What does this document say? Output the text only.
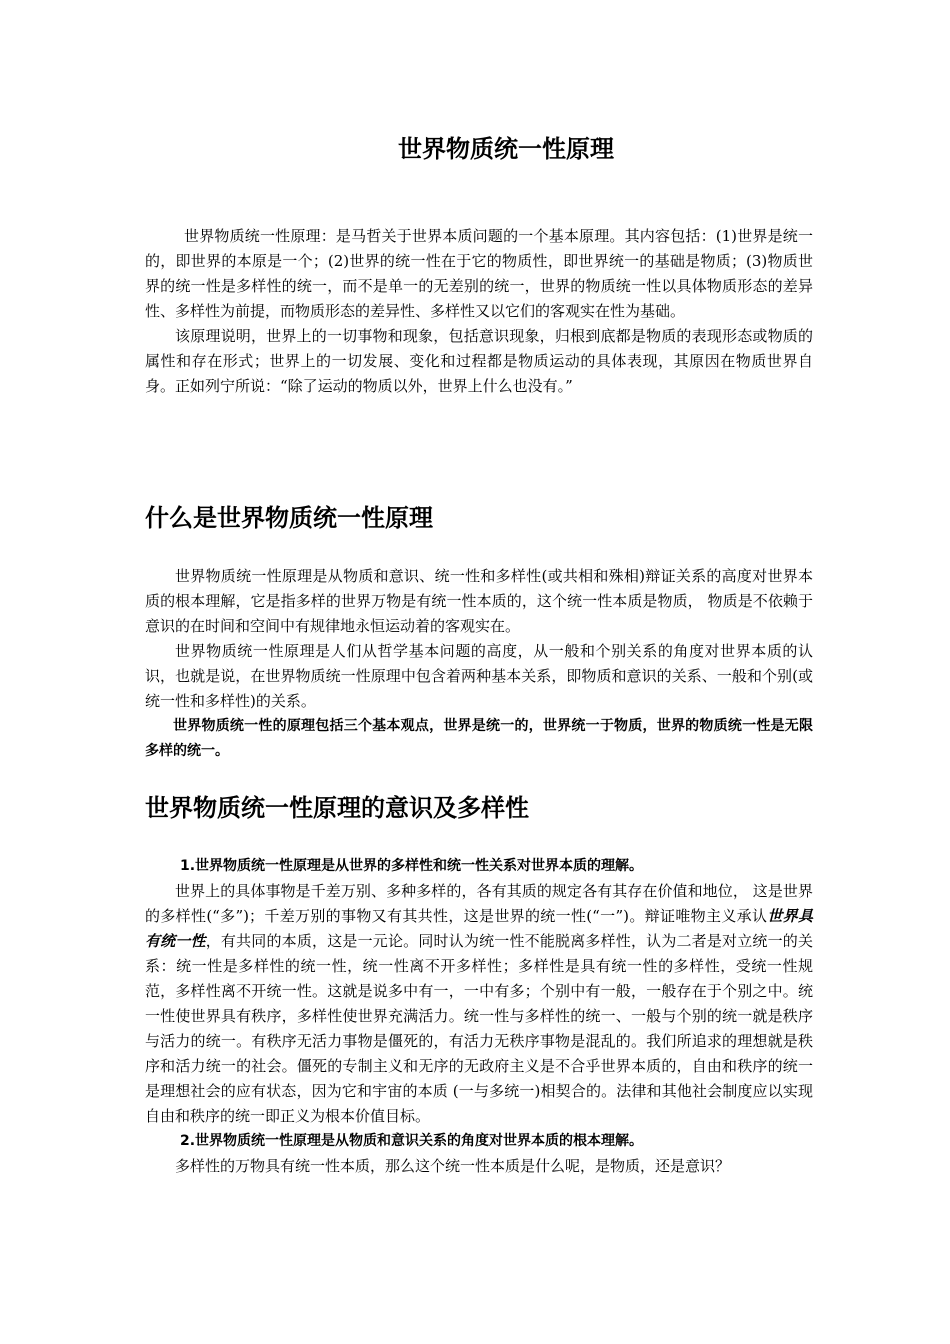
世界物质统一性原理

世界物质统一性原理：是马哲关于世界本质问题的一个基本原理。其内容包括：(1)世界是统一的，即世界的本原是一个；(2)世界的统一性在于它的物质性，即世界统一的基础是物质；(3)物质世界的统一性是多样性的统一，而不是单一的无差别的统一，世界的物质统一性以具体物质形态的差异性、多样性为前提，而物质形态的差异性、多样性又以它们的客观实在性为基础。

该原理说明，世界上的一切事物和现象，包括意识现象，归根到底都是物质的表现形态或物质的属性和存在形式；世界上的一切发展、变化和过程都是物质运动的具体表现，其原因在物质世界自身。正如列宁所说：“除了运动的物质以外，世界上什么也没有。”

什么是世界物质统一性原理

世界物质统一性原理是从物质和意识、统一性和多样性(或共相和殊相)辩证关系的高度对世界本质的根本理解，它是指多样的世界万物是有统一性本质的，这个统一性本质是物质， 物质是不依赖于意识的在时间和空间中有规律地永恒运动着的客观实在。

世界物质统一性原理是人们从哲学基本问题的高度，从一般和个别关系的角度对世界本质的认识，也就是说，在世界物质统一性原理中包含着两种基本关系，即物质和意识的关系、一般和个别(或统一性和多样性)的关系。

世界物质统一性的原理包括三个基本观点，世界是统一的，世界统一于物质，世界的物质统一性是无限多样的统一。

世界物质统一性原理的意识及多样性

1.世界物质统一性原理是从世界的多样性和统一性关系对世界本质的理解。

世界上的具体事物是千差万别、多种多样的，各有其质的规定各有其存在价值和地位， 这是世界的多样性(“多”)；千差万别的事物又有其共性，这是世界的统一性(“一”)。辩证唯物主义承认世界具有统一性，有共同的本质，这是一元论。同时认为统一性不能脱离多样性，认为二者是对立统一的关系：统一性是多样性的统一性，统一性离不开多样性；多样性是具有统一性的多样性，受统一性规范，多样性离不开统一性。这就是说多中有一，一中有多；个别中有一般，一般存在于个别之中。统一性使世界具有秩序，多样性使世界充满活力。统一性与多样性的统一、一般与个别的统一就是秩序与活力的统一。有秩序无活力事物是僵死的，有活力无秩序事物是混乱的。我们所追求的理想就是秩序和活力统一的社会。僵死的专制主义和无序的无政府主义是不合乎世界本质的，自由和秩序的统一是理想社会的应有状态，因为它和宇宙的本质 (一与多统一)相契合的。法律和其他社会制度应以实现自由和秩序的统一即正义为根本价值目标。

2.世界物质统一性原理是从物质和意识关系的角度对世界本质的根本理解。

多样性的万物具有统一性本质，那么这个统一性本质是什么呢，是物质，还是意识？
